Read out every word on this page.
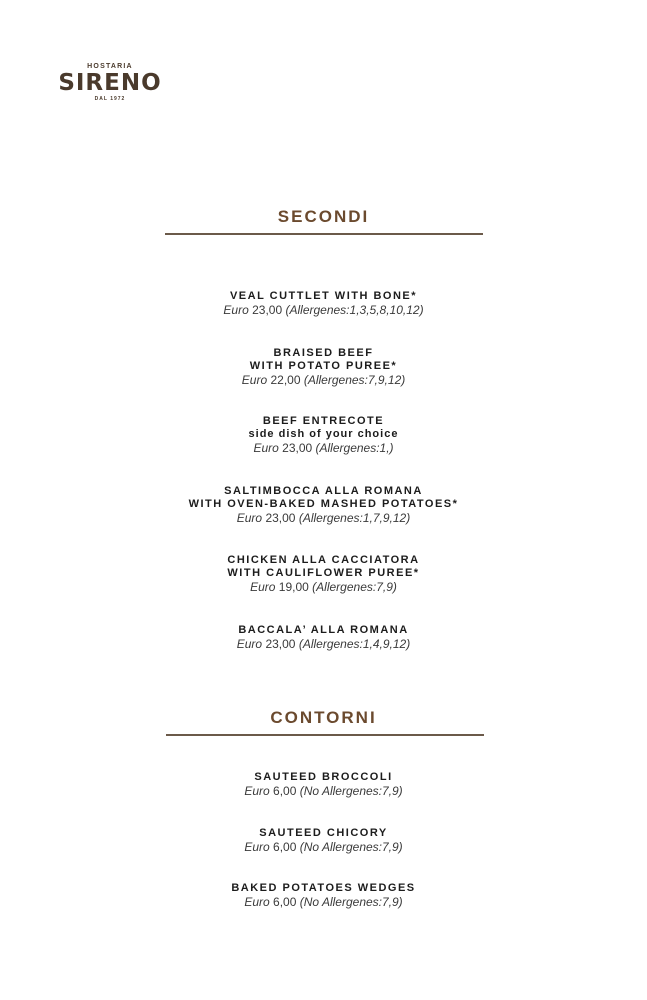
HOSTARIA
SIRENO
DAL 1972
SECONDI
VEAL CUTTLET WITH BONE*
Euro 23,00 (Allergenes:1,3,5,8,10,12)
BRAISED BEEF
WITH POTATO PUREE*
Euro 22,00 (Allergenes:7,9,12)
BEEF ENTRECOTE
side dish of your choice
Euro 23,00 (Allergenes:1,)
SALTIMBOCCA ALLA ROMANA
WITH OVEN-BAKED MASHED POTATOES*
Euro 23,00 (Allergenes:1,7,9,12)
CHICKEN ALLA CACCIATORA
WITH CAULIFLOWER PUREE*
Euro 19,00 (Allergenes:7,9)
BACCALA’ ALLA ROMANA
Euro 23,00 (Allergenes:1,4,9,12)
CONTORNI
SAUTEED BROCCOLI
Euro 6,00 (No Allergenes:7,9)
SAUTEED CHICORY
Euro 6,00 (No Allergenes:7,9)
BAKED POTATOES WEDGES
Euro 6,00 (No Allergenes:7,9)
